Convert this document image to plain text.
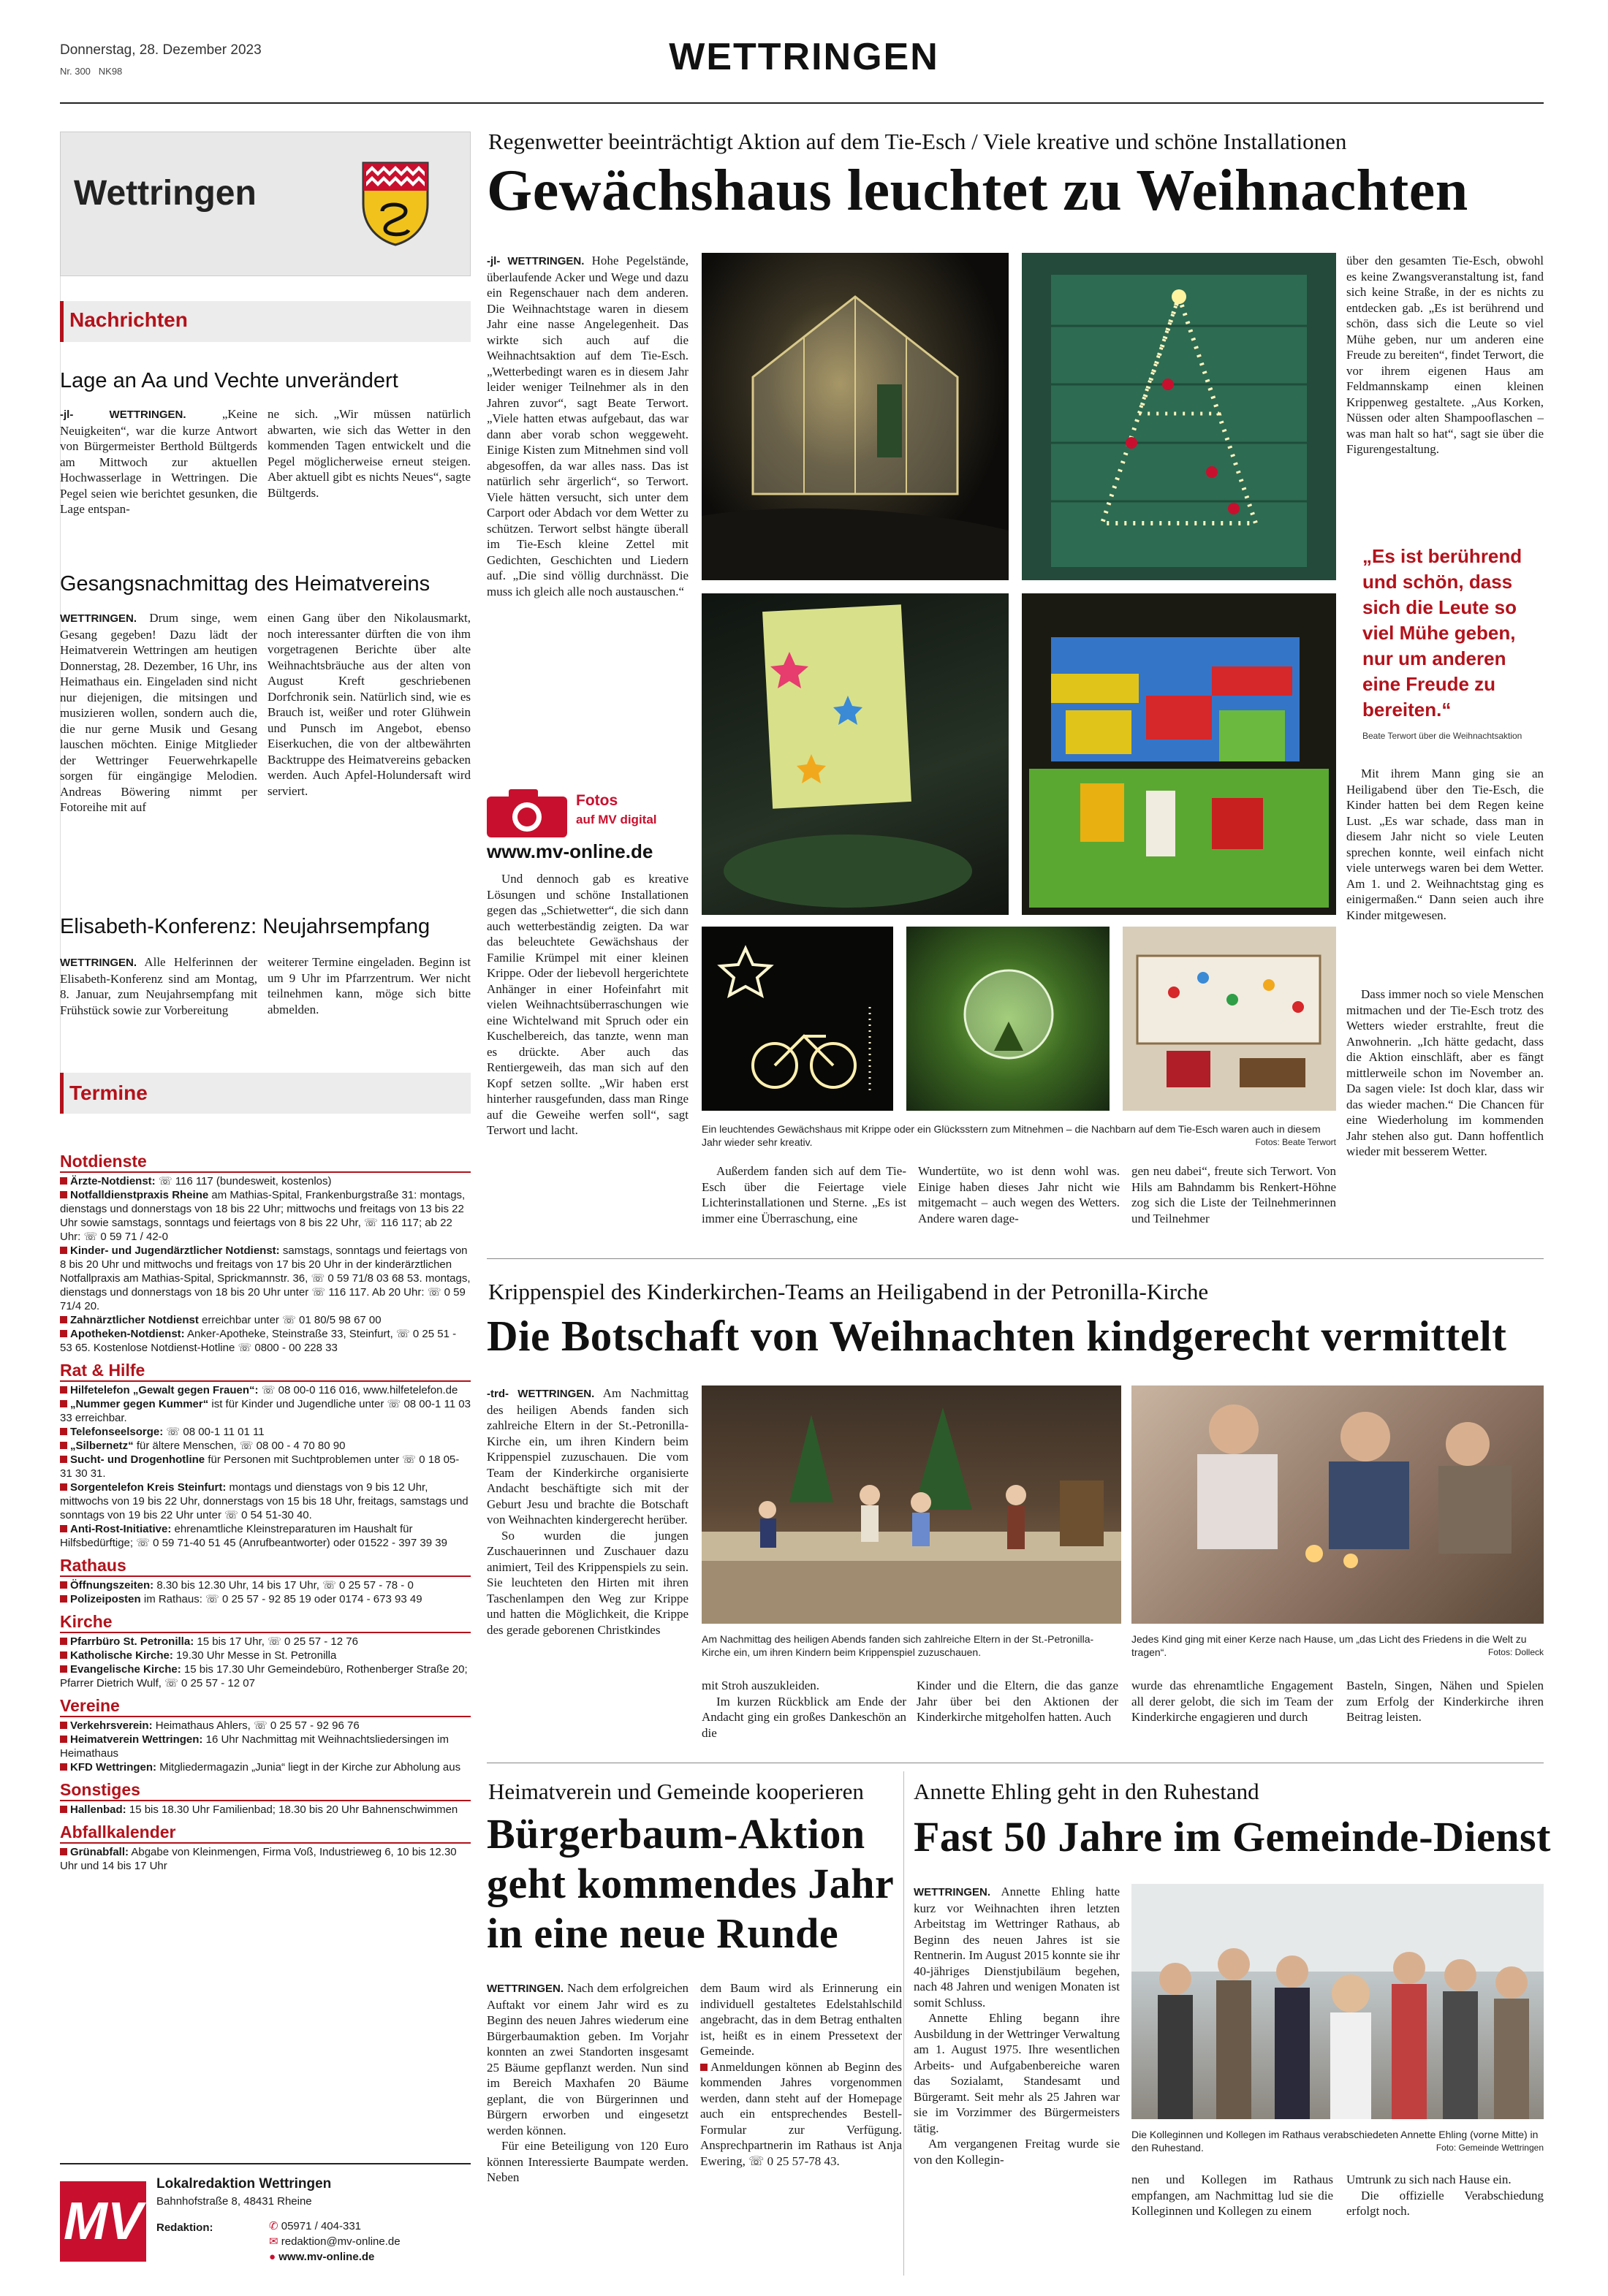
Donnerstag, 28. Dezember 2023
Nr. 300 NK98	WETTRINGEN
Wettringen
Nachrichten
Lage an Aa und Vechte unverändert

-jl- WETTRINGEN.	„Keine Neuigkeiten“, war die kurze Antwort von Bürgermeister Berthold Bültgerds am Mittwoch zur aktuellen Hochwasserlage in Wettringen. Die Pegel seien wie berichtet gesunken, die Lage entspan-

ne sich. „Wir müssen natürlich abwarten, wie sich das Wetter in den kommenden Tagen entwickelt und die Pegel möglicherweise erneut steigen. Aber aktuell gibt es nichts Neues“, sagte Bültgerds.

Gesangsnachmittag des Heimatvereins

WETTRINGEN. Drum singe, wem Gesang gegeben! Dazu lädt der Heimatverein Wettringen am heutigen Donnerstag, 28. Dezember, 16 Uhr, ins Heimathaus ein. Eingeladen sind nicht nur diejenigen, die mitsingen und musizieren wollen, sondern auch die, die nur gerne Musik und Gesang lauschen möchten. Einige Mitglieder der Wettringer Feuerwehrkapelle sorgen für eingängige Melodien. Andreas Böwering nimmt per Fotoreihe mit auf

einen Gang über den Nikolausmarkt, noch interessanter dürften die von ihm vorgetragenen Berichte über alte Weihnachtsbräuche aus der alten von August Kreft geschriebenen Dorfchronik sein. Natürlich sind, wie es Brauch ist, weißer und roter Glühwein und Punsch im Angebot, ebenso Eiserkuchen, die von der altbewährten Backtruppe des Heimatvereins gebacken werden. Auch Apfel-Holundersaft wird serviert.

Elisabeth-Konferenz: Neujahrsempfang

WETTRINGEN. Alle Helferinnen der Elisabeth-Konferenz sind am Montag, 8. Januar, zum Neujahrsempfang mit Frühstück sowie zur Vorbereitung

weiterer Termine eingeladen. Beginn ist um 9 Uhr im Pfarrzentrum. Wer nicht teilnehmen kann, möge sich bitte abmelden.

Termine
Notdienste
Ärzte-Notdienst: ☏ 116 117 (bundesweit, kostenlos)
Notfalldienstpraxis Rheine am Mathias-Spital, Frankenburgstraße 31: montags, dienstags und donnerstags von 18 bis 22 Uhr; mittwochs und freitags von 13 bis 22 Uhr sowie samstags, sonntags und feiertags von 8 bis 22 Uhr, ☏ 116 117; ab 22 Uhr: ☏ 0 59 71 / 42-0
Kinder- und Jugendärztlicher Notdienst: samstags, sonntags und feiertags von 8 bis 20 Uhr und mittwochs und freitags von 17 bis 20 Uhr in der kinderärztlichen Notfallpraxis am Mathias-Spital, Sprickmannstr. 36, ☏ 0 59 71/8 03 68 53. montags, dienstags und donnerstags von 18 bis 20 Uhr unter ☏ 116 117. Ab 20 Uhr: ☏ 0 59 71/4 20.
Zahnärztlicher Notdienst erreichbar unter ☏ 01 80/5 98 67 00
Apotheken-Notdienst: Anker-Apotheke, Steinstraße 33, Steinfurt, ☏ 0 25 51 - 53 65. Kostenlose Notdienst-Hotline ☏ 0800 - 00 228 33
Rat & Hilfe
Hilfetelefon „Gewalt gegen Frauen“: ☏ 08 00-0 116 016, www.hilfetelefon.de
„Nummer gegen Kummer“ ist für Kinder und Jugendliche unter ☏ 08 00-1 11 03 33 erreichbar.
Telefonseelsorge: ☏ 08 00-1 11 01 11
„Silbernetz“ für ältere Menschen, ☏ 08 00 - 4 70 80 90
Sucht- und Drogenhotline für Personen mit Suchtproblemen unter ☏ 0 18 05-31 30 31.
Sorgentelefon Kreis Steinfurt: montags und dienstags von 9 bis 12 Uhr, mittwochs von 19 bis 22 Uhr, donnerstags von 15 bis 18 Uhr, freitags, samstags und sonntags von 19 bis 22 Uhr unter ☏ 0 54 51-30 40.
Anti-Rost-Initiative: ehrenamtliche Kleinstreparaturen im Haushalt für Hilfsbedürftige; ☏ 0 59 71-40 51 45 (Anrufbeantworter) oder 01522 - 397 39 39
Rathaus
Öffnungszeiten: 8.30 bis 12.30 Uhr, 14 bis 17 Uhr, ☏ 0 25 57 - 78 - 0
Polizeiposten im Rathaus: ☏ 0 25 57 - 92 85 19 oder 0174 - 673 93 49
Kirche
Pfarrbüro St. Petronilla: 15 bis 17 Uhr, ☏ 0 25 57 - 12 76
Katholische Kirche: 19.30 Uhr Messe in St. Petronilla
Evangelische Kirche: 15 bis 17.30 Uhr Gemeindebüro, Rothenberger Straße 20; Pfarrer Dietrich Wulf, ☏ 0 25 57 - 12 07
Vereine
Verkehrsverein: Heimathaus Ahlers, ☏ 0 25 57 - 92 96 76
Heimatverein Wettringen: 16 Uhr Nachmittag mit Weihnachtsliedersingen im Heimathaus
KFD Wettringen: Mitgliedermagazin „Junia“ liegt in der Kirche zur Abholung aus
Sonstiges
Hallenbad: 15 bis 18.30 Uhr Familienbad; 18.30 bis 20 Uhr Bahnenschwimmen
Abfallkalender
Grünabfall: Abgabe von Kleinmengen, Firma Voß, Industrieweg 6, 10 bis 12.30 Uhr und 14 bis 17 Uhr
MV
Lokalredaktion Wettringen
Bahnhofstraße 8, 48431 Rheine
Redaktion:	✆ 05971 / 404-331
✉ redaktion@mv-online.de
● www.mv-online.de
Regenwetter beeinträchtigt Aktion auf dem Tie-Esch / Viele kreative und schöne Installationen
Gewächshaus leuchtet zu Weihnachten

-jl- WETTRINGEN. Hohe Pegelstände, überlaufende Acker und Wege und dazu ein Regenschauer nach dem anderen. Die Weihnachtstage waren in diesem Jahr eine nasse Angelegenheit. Das wirkte sich auch auf die Weihnachtsaktion auf dem Tie-Esch. „Wetterbedingt waren es in diesem Jahr leider weniger Teilnehmer als in den Jahren zuvor“, sagt Beate Terwort. „Viele hatten etwas aufgebaut, das war dann aber vorab schon weggeweht. Einige Kisten zum Mitnehmen sind voll abgesoffen, da war alles nass. Das ist natürlich sehr ärgerlich“, so Terwort. Viele hätten versucht, sich unter dem Carport oder Abdach vor dem Wetter zu schützen. Terwort selbst hängte überall im Tie-Esch kleine Zettel mit Gedichten, Geschichten und Liedern auf. „Die sind völlig durchnässt. Die muss ich gleich alle noch austauschen.“

Fotos
auf MV digital
www.mv-online.de

Und dennoch gab es kreative Lösungen und schöne Installationen gegen das „Schietwetter“, die sich dann auch wetterbeständig zeigten. Da war das beleuchtete Gewächshaus der Familie Krümpel mit einer kleinen Krippe. Oder der liebevoll hergerichtete Anhänger in einer Hofeinfahrt mit vielen Weihnachtsüberraschungen wie eine Wichtelwand mit Spruch oder ein Kuschelbereich, das tanzte, wenn man es drückte. Aber auch das Rentiergeweih, das man sich auf den Kopf setzen sollte. „Wir haben erst hinterher rausgefunden, dass man Ringe auf die Geweihe werfen soll“, sagt Terwort und lacht.	Ein leuchtendes Gewächshaus mit Krippe oder ein Glücksstern zum Mitnehmen – die Nachbarn auf dem Tie-Esch waren auch in diesem Jahr wieder sehr kreativ.	Fotos: Beate Terwort

Außerdem fanden sich auf dem Tie-Esch über die Feiertage viele Lichterinstallationen und Sterne. „Es ist immer eine Überraschung, eine

Wundertüte, wo ist denn wohl was. Einige haben dieses Jahr nicht wie mitgemacht – auch wegen des Wetters. Andere waren dage-

gen neu dabei“, freute sich Terwort. Von Hils am Bahndamm bis Renkert-Höhne zog sich die Liste der Teilnehmerinnen und Teilnehmer

über den gesamten Tie-Esch, obwohl es keine Zwangsveranstaltung ist, fand sich keine Straße, in der es nichts zu entdecken gab. „Es ist berührend und schön, dass sich die Leute so viel Mühe geben, nur um anderen eine Freude zu bereiten“, findet Terwort, die vor ihrem eigenen Haus am Feldmannskamp einen kleinen Krippenweg gestaltete. „Aus Korken, Nüssen oder alten Shampooflaschen – was man halt so hat“, sagt sie über die Figurengestaltung.

„Es ist berührend und schön, dass sich die Leute so viel Mühe geben, nur um anderen eine Freude zu bereiten.“
Beate Terwort über die Weihnachtsaktion

Mit ihrem Mann ging sie an Heiligabend über den Tie-Esch, die Kinder hatten bei dem Regen keine Lust. „Es war schade, dass man in diesem Jahr nicht so viele Leuten sprechen konnte, weil einfach nicht viele unterwegs waren bei dem Wetter. Am 1. und 2. Weihnachtstag ging es einigermaßen.“ Dann seien auch ihre Kinder mitgewesen.

Dass immer noch so viele Menschen mitmachen und der Tie-Esch trotz des Wetters wieder erstrahlte, freut die Anwohnerin. „Ich hätte gedacht, dass die Aktion einschläft, aber es fängt mittlerweile schon im November an. Da sagen viele: Ist doch klar, dass wir das wieder machen.“ Die Chancen für eine Wiederholung im kommenden Jahr stehen also gut. Dann hoffentlich wieder mit besserem Wetter.

Krippenspiel des Kinderkirchen-Teams an Heiligabend in der Petronilla-Kirche
Die Botschaft von Weihnachten kindgerecht vermittelt

-trd- WETTRINGEN. Am Nachmittag des heiligen Abends fanden sich zahlreiche Eltern in der St.-Petronilla-Kirche ein, um ihren Kindern beim Krippenspiel zuzuschauen. Die vom Team der Kinderkirche organisierte Andacht beschäftigte sich mit der Geburt Jesu und brachte die Botschaft von Weihnachten kindergerecht herüber.

So wurden die jungen Zuschauerinnen und Zuschauer dazu animiert, Teil des Krippenspiels zu sein. Sie leuchteten den Hirten mit ihren Taschenlampen den Weg zur Krippe und hatten die Möglichkeit, die Krippe des gerade geborenen Christkindes

Am Nachmittag des heiligen Abends fanden sich zahlreiche Eltern in der St.-Petronilla-Kirche ein, um ihren Kindern beim Krippenspiel zuzuschauen.
Jedes Kind ging mit einer Kerze nach Hause, um „das Licht des Friedens in die Welt zu tragen“.	Fotos: Dolleck

mit Stroh auszukleiden.

Im kurzen Rückblick am Ende der Andacht ging ein großes Dankeschön an die

Kinder und die Eltern, die das ganze Jahr über bei den Aktionen der Kinderkirche mitgeholfen hatten. Auch

wurde das ehrenamtliche Engagement all derer gelobt, die sich im Team der Kinderkirche engagieren und durch

Basteln, Singen, Nähen und Spielen zum Erfolg der Kinderkirche ihren Beitrag leisten.

Heimatverein und Gemeinde kooperieren
Bürgerbaum-Aktion
geht kommendes Jahr
in eine neue Runde

WETTRINGEN. Nach dem erfolgreichen Auftakt vor einem Jahr wird es zu Beginn des neuen Jahres wiederum eine Bürgerbaumaktion geben. Im Vorjahr konnten an zwei Standorten insgesamt 25 Bäume gepflanzt werden. Nun sind im Bereich Maxhafen 20 Bäume geplant, die von Bürgerinnen und Bürgern erworben und eingesetzt werden können.

Für eine Beteiligung von 120 Euro können Interessierte Baumpate werden. Neben

dem Baum wird als Erinnerung ein individuell gestaltetes Edelstahlschild angebracht, das in dem Betrag enthalten ist, heißt es in einem Pressetext der Gemeinde.

Anmeldungen können ab Beginn des kommenden Jahres vorgenommen werden, dann steht auf der Homepage auch ein entsprechendes Bestell-Formular zur Verfügung. Ansprechpartnerin im Rathaus ist Anja Ewering, ☏ 0 25 57-78 43.

Annette Ehling geht in den Ruhestand
Fast 50 Jahre im Gemeinde-Dienst

WETTRINGEN. Annette Ehling hatte kurz vor Weihnachten ihren letzten Arbeitstag im Wettringer Rathaus, ab Beginn des neuen Jahres ist sie Rentnerin. Im August 2015 konnte sie ihr 40-jähriges Dienstjubiläum begehen, nach 48 Jahren und wenigen Monaten ist somit Schluss.

Annette Ehling begann ihre Ausbildung in der Wettringer Verwaltung am 1. August 1975. Ihre wesentlichen Arbeits- und Aufgabenbereiche waren das Sozialamt, Standesamt und Bürgeramt. Seit mehr als 25 Jahren war sie im Vorzimmer des Bürgermeisters tätig.

Am vergangenen Freitag wurde sie von den Kollegin-

Die Kolleginnen und Kollegen im Rathaus verabschiedeten Annette Ehling (vorne Mitte) in den Ruhestand.	Foto: Gemeinde Wettringen

nen und Kollegen im Rathaus empfangen, am Nachmittag lud sie die Kolleginnen und Kollegen zu einem

Umtrunk zu sich nach Hause ein.

Die offizielle Verabschiedung erfolgt noch.
